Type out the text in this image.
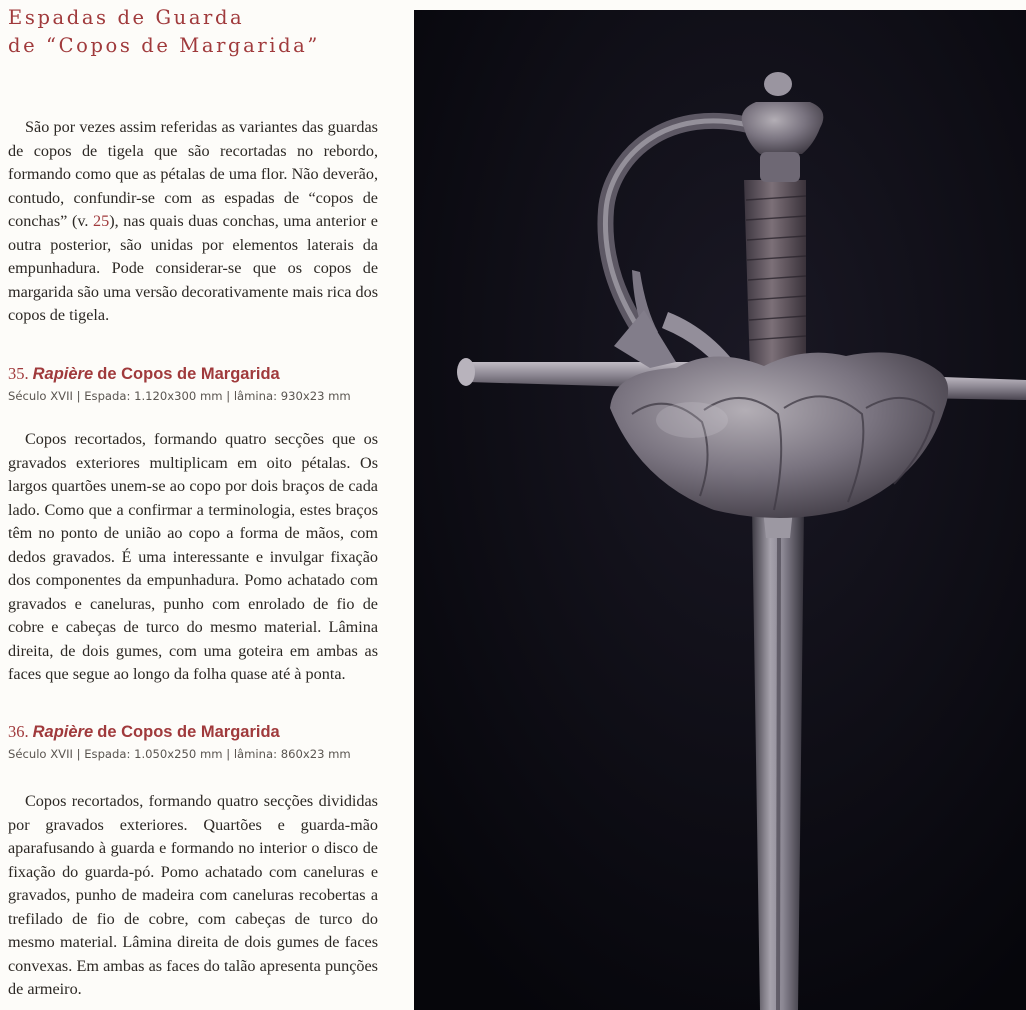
Espadas de Guarda
de “Copos de Margarida”

São por vezes assim referidas as variantes das guardas de copos de tigela que são recortadas no rebordo, formando como que as pétalas de uma flor. Não deverão, contudo, confundir-se com as espadas de “copos de conchas” (v. 25), nas quais duas conchas, uma anterior e outra posterior, são unidas por elementos laterais da empunhadura. Pode considerar-se que os copos de margarida são uma versão decorativamente mais rica dos copos de tigela.

35. Rapière de Copos de Margarida

Século XVII | Espada: 1.120x300 mm | lâmina: 930x23 mm

Copos recortados, formando quatro secções que os gravados exteriores multiplicam em oito pétalas. Os largos quartões unem-se ao copo por dois braços de cada lado. Como que a confirmar a terminologia, estes braços têm no ponto de união ao copo a forma de mãos, com dedos gravados. É uma interessante e invulgar fixação dos componentes da empunhadura. Pomo achatado com gravados e caneluras, punho com enrolado de fio de cobre e cabeças de turco do mesmo material. Lâmina direita, de dois gumes, com uma goteira em ambas as faces que segue ao longo da folha quase até à ponta.

36. Rapière de Copos de Margarida

Século XVII | Espada: 1.050x250 mm | lâmina: 860x23 mm

Copos recortados, formando quatro secções divididas por gravados exteriores. Quartões e guarda-mão aparafusando à guarda e formando no interior o disco de fixação do guarda-pó. Pomo achatado com caneluras e gravados, punho de madeira com caneluras recobertas a trefilado de fio de cobre, com cabeças de turco do mesmo material. Lâmina direita de dois gumes de faces convexas. Em ambas as faces do talão apresenta punções de armeiro.
